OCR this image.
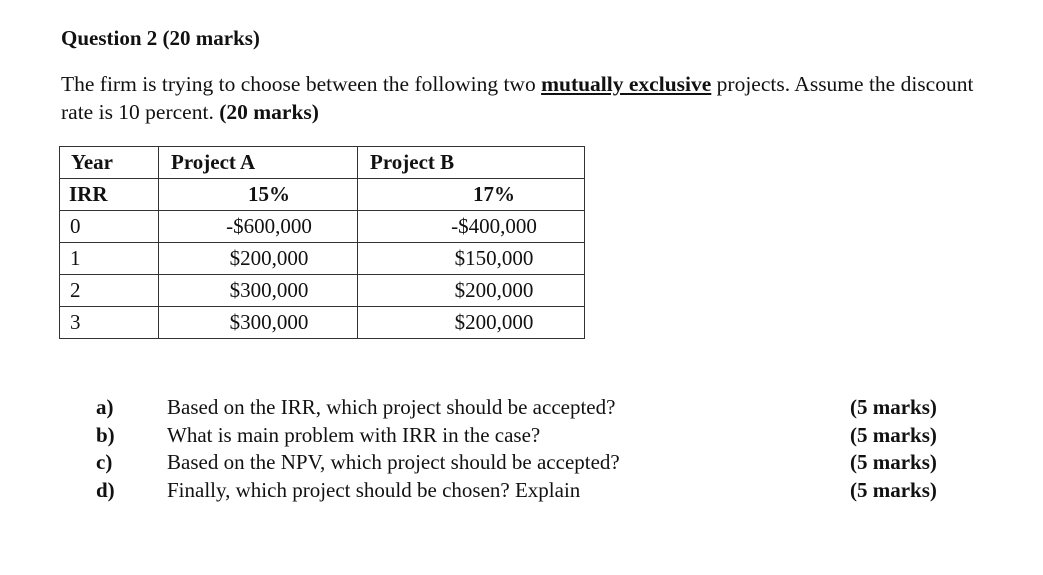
Question 2 (20 marks)
The firm is trying to choose between the following two mutually exclusive projects. Assume the discount rate is 10 percent. (20 marks)
Year	Project A	Project B
IRR	15%	17%
0	-$600,000	-$400,000
1	$200,000	$150,000
2	$300,000	$200,000
3	$300,000	$200,000
a)	Based on the IRR, which project should be accepted?	(5 marks)
b) What is main problem with IRR in the case?	(5 marks)
c)	Based on the NPV, which project should be accepted?	(5 marks)
d) Finally, which project should be chosen? Explain	(5 marks)
